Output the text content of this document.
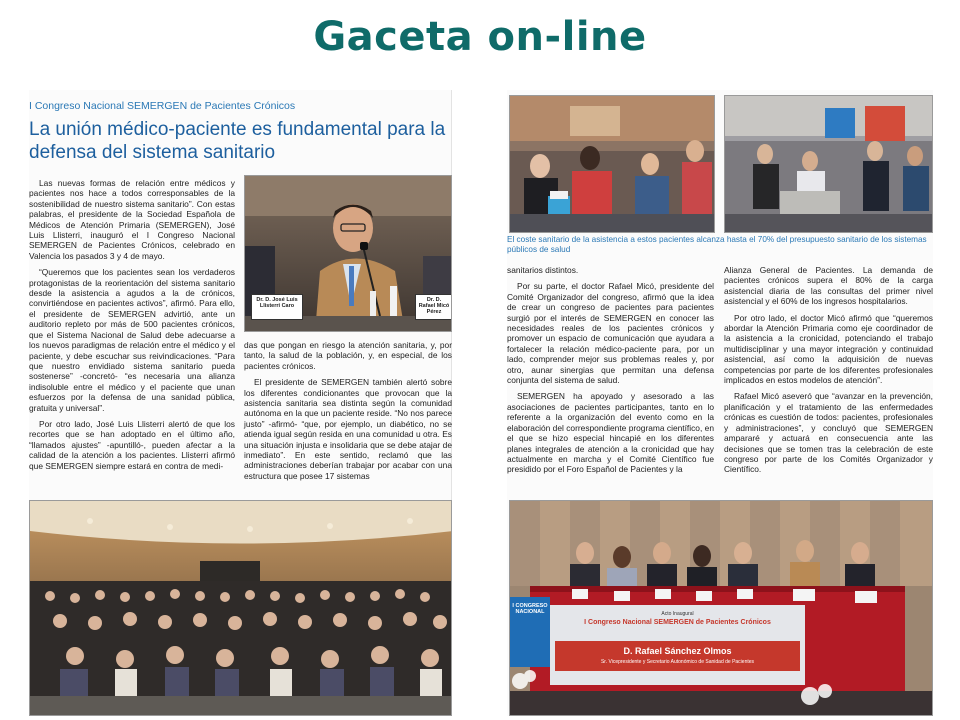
Gaceta on-line
I Congreso Nacional SEMERGEN de Pacientes Crónicos
La unión médico-paciente es fundamental para la defensa del sistema sanitario

Las nuevas formas de relación entre médicos y pacientes nos hace a todos corresponsables de la sostenibilidad de nuestro sistema sanitario”. Con estas palabras, el presidente de la Sociedad Española de Médicos de Atención Primaria (SEMERGEN), José Luis Llisterri, inauguró el I Congreso Nacional SEMERGEN de Pacientes Crónicos, celebrado en Valencia los pasados 3 y 4 de mayo.

“Queremos que los pacientes sean los verdaderos protagonistas de la reorientación del sistema sanitario desde la asistencia a agudos a la de crónicos, convirtiéndose en pacientes activos”, afirmó. Para ello, el presidente de SEMERGEN advirtió, ante un auditorio repleto por más de 500 pacientes crónicos, que el Sistema Nacional de Salud debe adecuarse a los nuevos paradigmas de relación entre el médico y el paciente, y debe escuchar sus reivindicaciones. “Para que nuestro envidiado sistema sanitario pueda sostenerse” -concretó- “es necesaria una alianza indisoluble entre el médico y el paciente que unan esfuerzos por la defensa de una sanidad pública, gratuita y universal”.

Por otro lado, José Luis Llisterri alertó de que los recortes que se han adoptado en el último año, “llamados ajustes” -apuntilló-, pueden afectar a la calidad de la atención a los pacientes. Llisterri afirmó que SEMERGEN siempre estará en contra de medi-

Dr. D. José Luis Llisterri Caro
Dr. D. Rafael Micó Pérez

das que pongan en riesgo la atención sanitaria, y, por tanto, la salud de la población, y, en especial, de los pacientes crónicos.

El presidente de SEMERGEN también alertó sobre los diferentes condicionantes que provocan que la asistencia sanitaria sea distinta según la comunidad autónoma en la que un paciente reside. “No nos parece justo” -afirmó- “que, por ejemplo, un diabético, no se atienda igual según resida en una comunidad u otra. Es una situación injusta e insolidaria que se debe atajar de inmediato”. En este sentido, reclamó que las administraciones deberían trabajar por acabar con una estructura que posee 17 sistemas

El coste sanitario de la asistencia a estos pacientes alcanza hasta el 70% del presupuesto sanitario de los sistemas públicos de salud

sanitarios distintos.

Por su parte, el doctor Rafael Micó, presidente del Comité Organizador del congreso, afirmó que la idea de crear un congreso de pacientes para pacientes surgió por el interés de SEMERGEN en conocer las necesidades reales de los pacientes crónicos y promover un espacio de comunicación que ayudara a fortalecer la relación médico-paciente para, por un lado, comprender mejor sus problemas reales y, por otro, aunar sinergias que permitan una defensa conjunta del sistema de salud.

SEMERGEN ha apoyado y asesorado a las asociaciones de pacientes participantes, tanto en lo referente a la organización del evento como en la elaboración del correspondiente programa científico, en el que se hizo especial hincapié en los diferentes planes integrales de atención a la cronicidad que hay actualmente en marcha y el Comité Científico fue presidido por el Foro Español de Pacientes y la

Alianza General de Pacientes. La demanda de pacientes crónicos supera el 80% de la carga asistencial diaria de las consultas del primer nivel asistencial y el 60% de los ingresos hospitalarios.

Por otro lado, el doctor Micó afirmó que “queremos abordar la Atención Primaria como eje coordinador de la asistencia a la cronicidad, potenciando el trabajo multidisciplinar y una mayor integración y continuidad asistencial, así como la adquisición de nuevas competencias por parte de los diferentes profesionales implicados en estos modelos de atención”.

Rafael Micó aseveró que “avanzar en la prevención, planificación y el tratamiento de las enfermedades crónicas es cuestión de todos: pacientes, profesionales y administraciones”, y concluyó que SEMERGEN ampararé y actuará en consecuencia ante las decisiones que se tomen tras la celebración de este congreso por parte de los Comités Organizador y Científico.

I CONGRESO NACIONAL	Acto Inaugural
I Congreso Nacional SEMERGEN de Pacientes Crónicos
D. Rafael Sánchez Olmos
Sr. Vicepresidente y Secretario Autonómico de Sanidad de Pacientes
